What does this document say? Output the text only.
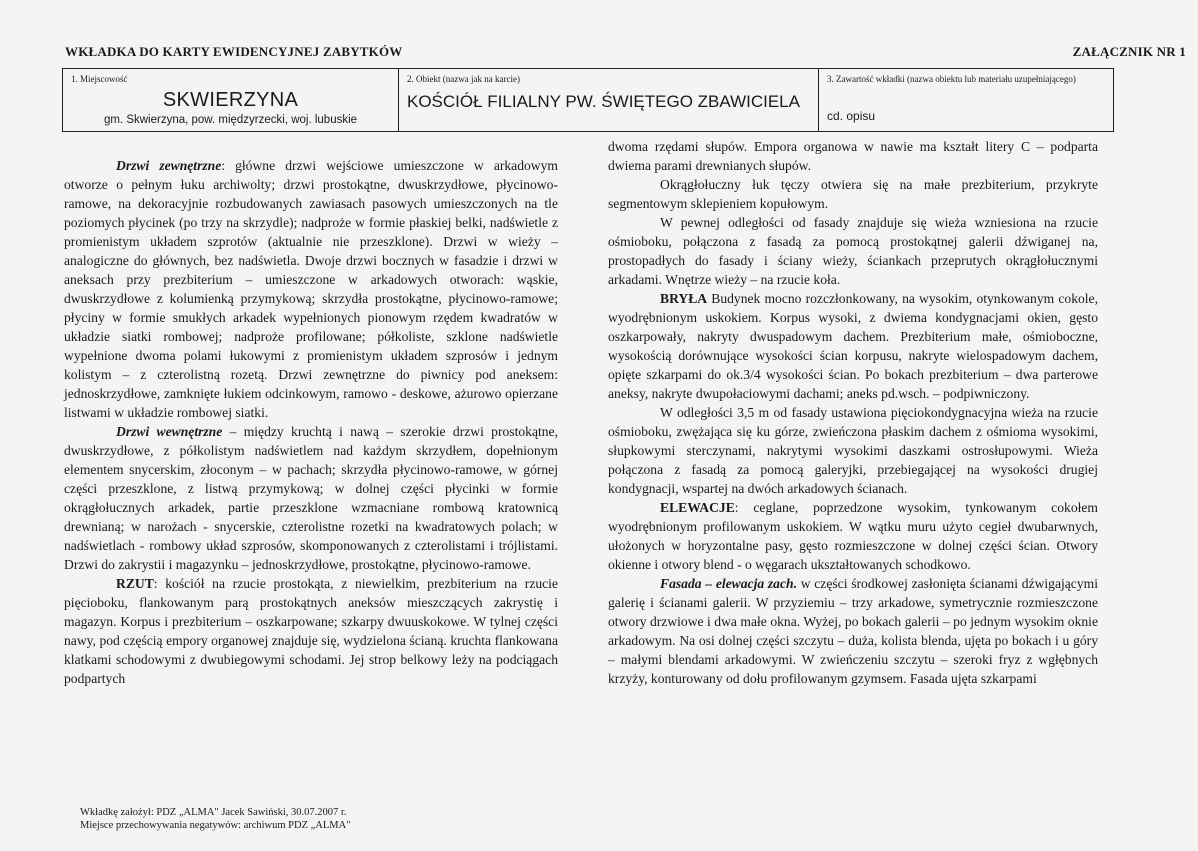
WKŁADKA DO KARTY EWIDENCYJNEJ ZABYTKÓW	ZAŁĄCZNIK NR 1
1. Miejscowość
SKWIERZYNA
gm. Skwierzyna, pow. międzyrzecki, woj. lubuskie
2. Obiekt (nazwa jak na karcie)
KOŚCIÓŁ FILIALNY PW. ŚWIĘTEGO ZBAWICIELA
3. Zawartość wkładki (nazwa obiektu lub materiału uzupełniającego)
cd. opisu

Drzwi zewnętrzne: główne drzwi wejściowe umieszczone w arkadowym otworze o pełnym łuku archiwolty; drzwi prostokątne, dwuskrzydłowe, płycinowo-ramowe, na dekoracyjnie rozbudowanych zawiasach pasowych umieszczonych na tle poziomych płycinek (po trzy na skrzydle); nadproże w formie płaskiej belki, nadświetle z promienistym układem szprotów (aktualnie nie przeszklone). Drzwi w wieży – analogiczne do głównych, bez nadświetla. Dwoje drzwi bocznych w fasadzie i drzwi w aneksach przy prezbiterium – umieszczone w arkadowych otworach: wąskie, dwuskrzydłowe z kolumienką przymykową; skrzydła prostokątne, płycinowo-ramowe; płyciny w formie smukłych arkadek wypełnionych pionowym rzędem kwadratów w układzie siatki rombowej; nadproże profilowane; półkoliste, szklone nadświetle wypełnione dwoma polami łukowymi z promienistym układem szprosów i jednym kolistym – z czterolistną rozetą. Drzwi zewnętrzne do piwnicy pod aneksem: jednoskrzydłowe, zamknięte łukiem odcinkowym, ramowo - deskowe, ażurowo opierzane listwami w układzie rombowej siatki.

Drzwi wewnętrzne – między kruchtą i nawą – szerokie drzwi prostokątne, dwuskrzydłowe, z półkolistym nadświetlem nad każdym skrzydłem, dopełnionym elementem snycerskim, złoconym – w pachach; skrzydła płycinowo-ramowe, w górnej części przeszklone, z listwą przymykową; w dolnej części płycinki w formie okrągłołucznych arkadek, partie przeszklone wzmacniane rombową kratownicą drewnianą; w narożach - snycerskie, czterolistne rozetki na kwadratowych polach; w nadświetlach - rombowy układ szprosów, skomponowanych z czterolistami i trójlistami. Drzwi do zakrystii i magazynku – jednoskrzydłowe, prostokątne, płycinowo-ramowe.

RZUT: kościół na rzucie prostokąta, z niewielkim, prezbiterium na rzucie pięcioboku, flankowanym parą prostokątnych aneksów mieszczących zakrystię i magazyn. Korpus i prezbiterium – oszkarpowane; szkarpy dwuuskokowe. W tylnej części nawy, pod częścią empory organowej znajduje się, wydzielona ścianą. kruchta flankowana klatkami schodowymi z dwubiegowymi schodami. Jej strop belkowy leży na podciągach podpartych

dwoma rzędami słupów. Empora organowa w nawie ma kształt litery C – podparta dwiema parami drewnianych słupów.

Okrągłołuczny łuk tęczy otwiera się na małe prezbiterium, przykryte segmentowym sklepieniem kopułowym.

W pewnej odległości od fasady znajduje się wieża wzniesiona na rzucie ośmioboku, połączona z fasadą za pomocą prostokątnej galerii dźwiganej na, prostopadłych do fasady i ściany wieży, ściankach przeprutych okrągłołucznymi arkadami. Wnętrze wieży – na rzucie koła.

BRYŁA Budynek mocno rozczłonkowany, na wysokim, otynkowanym cokole, wyodrębnionym uskokiem. Korpus wysoki, z dwiema kondygnacjami okien, gęsto oszkarpowały, nakryty dwuspadowym dachem. Prezbiterium małe, ośmioboczne, wysokością dorównujące wysokości ścian korpusu, nakryte wielospadowym dachem, opięte szkarpami do ok.3/4 wysokości ścian. Po bokach prezbiterium – dwa parterowe aneksy, nakryte dwupołaciowymi dachami; aneks pd.wsch. – podpiwniczony.

W odległości 3,5 m od fasady ustawiona pięciokondygnacyjna wieża na rzucie ośmioboku, zwężająca się ku górze, zwieńczona płaskim dachem z ośmioma wysokimi, słupkowymi sterczynami, nakrytymi wysokimi daszkami ostrosłupowymi. Wieża połączona z fasadą za pomocą galeryjki, przebiegającej na wysokości drugiej kondygnacji, wspartej na dwóch arkadowych ścianach.

ELEWACJE: ceglane, poprzedzone wysokim, tynkowanym cokołem wyodrębnionym profilowanym uskokiem. W wątku muru użyto cegieł dwubarwnych, ułożonych w horyzontalne pasy, gęsto rozmieszczone w dolnej części ścian. Otwory okienne i otwory blend - o węgarach ukształtowanych schodkowo.

Fasada – elewacja zach. w części środkowej zasłonięta ścianami dźwigającymi galerię i ścianami galerii. W przyziemiu – trzy arkadowe, symetrycznie rozmieszczone otwory drzwiowe i dwa małe okna. Wyżej, po bokach galerii – po jednym wysokim oknie arkadowym. Na osi dolnej części szczytu – duża, kolista blenda, ujęta po bokach i u góry – małymi blendami arkadowymi. W zwieńczeniu szczytu – szeroki fryz z wgłębnych krzyży, konturowany od dołu profilowanym gzymsem. Fasada ujęta szkarpami

Wkładkę założył: PDZ „ALMA" Jacek Sawiński, 30.07.2007 r.
Miejsce przechowywania negatywów: archiwum PDZ „ALMA"
